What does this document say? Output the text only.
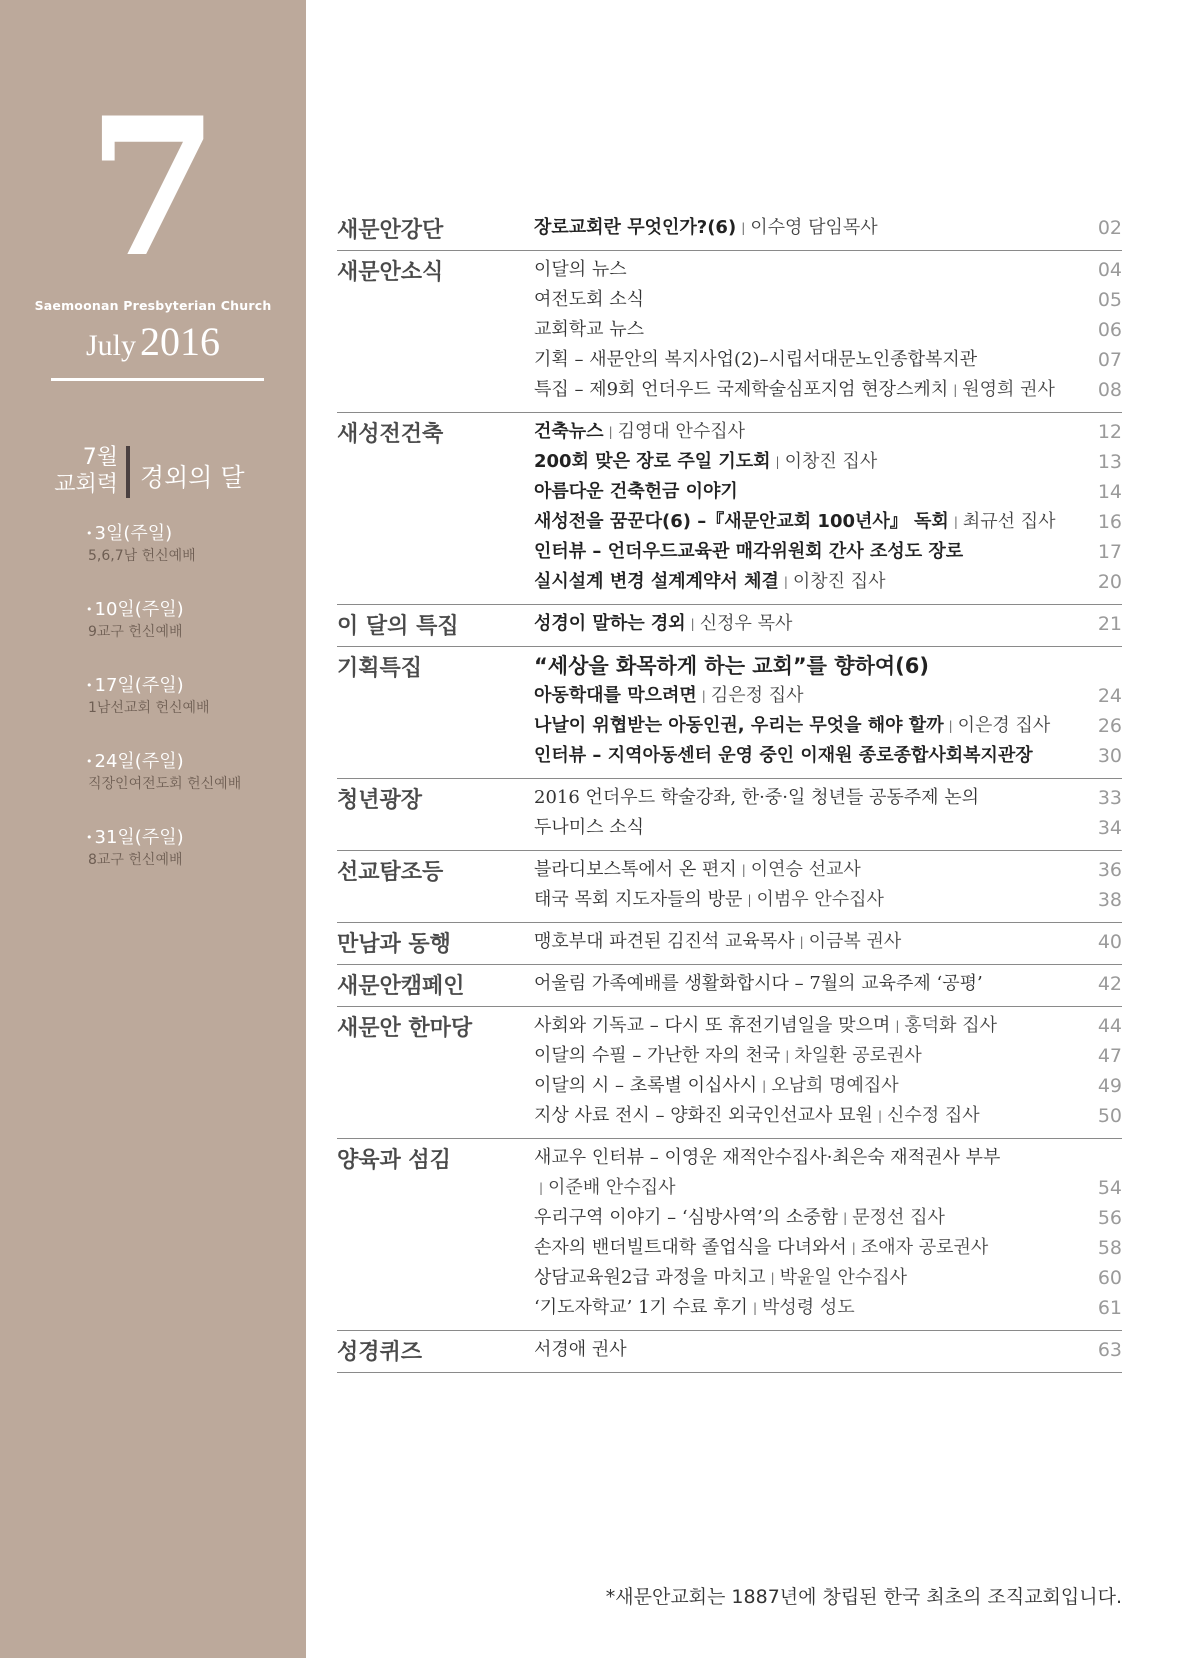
7
Saemoonan Presbyterian Church
July 2016
7월
교회력 경외의 달
• 3일(주일)
5,6,7남 헌신예배
• 10일(주일)
9교구 헌신예배
• 17일(주일)
1남선교회 헌신예배
• 24일(주일)
직장인여전도회 헌신예배
• 31일(주일)
8교구 헌신예배
새문안강단	장로교회란 무엇인가?(6) | 이수영 담임목사	02
새문안소식	이달의 뉴스	04
여전도회 소식	05
교회학교 뉴스	06
기획 – 새문안의 복지사업(2)–시립서대문노인종합복지관	07
특집 – 제9회 언더우드 국제학술심포지엄 현장스케치 | 원영희 권사 08
새성전건축	건축뉴스 | 김영대 안수집사	12
200회 맞은 장로 주일 기도회 | 이창진 집사	13
아름다운 건축헌금 이야기	14
새성전을 꿈꾼다(6) –『새문안교회 100년사』 독회 | 최규선 집사 16
인터뷰 – 언더우드교육관 매각위원회 간사 조성도 장로	17
실시설계 변경 설계계약서 체결 | 이창진 집사	20
이 달의 특집	성경이 말하는 경외 | 신정우 목사	21
기획특집	“세상을 화목하게 하는 교회”를 향하여(6)
아동학대를 막으려면 | 김은정 집사	24
나날이 위협받는 아동인권, 우리는 무엇을 해야 할까 | 이은경 집사	26
인터뷰 – 지역아동센터 운영 중인 이재원 종로종합사회복지관장	30
청년광장	2016 언더우드 학술강좌, 한·중·일 청년들 공동주제 논의	33
두나미스 소식	34
선교탐조등	블라디보스톡에서 온 편지 | 이연승 선교사	36
태국 목회 지도자들의 방문 | 이범우 안수집사	38
만남과 동행	맹호부대 파견된 김진석 교육목사 | 이금복 권사	40
새문안캠페인	어울림 가족예배를 생활화합시다 – 7월의 교육주제 ‘공평’	42
새문안 한마당	사회와 기독교 – 다시 또 휴전기념일을 맞으며 | 홍덕화 집사	44
이달의 수필 – 가난한 자의 천국 | 차일환 공로권사	47
이달의 시 – 초록별 이십사시 | 오남희 명예집사	49
지상 사료 전시 – 양화진 외국인선교사 묘원 | 신수정 집사	50
양육과 섬김	새교우 인터뷰 – 이영운 재적안수집사·최은숙 재적권사 부부
| 이준배 안수집사	54
우리구역 이야기 – ‘심방사역’의 소중함 | 문정선 집사	56
손자의 밴더빌트대학 졸업식을 다녀와서 | 조애자 공로권사	58
상담교육원2급 과정을 마치고 | 박윤일 안수집사	60
‘기도자학교’ 1기 수료 후기 | 박성령 성도	61
성경퀴즈	서경애 권사	63
*새문안교회는 1887년에 창립된 한국 최초의 조직교회입니다.
